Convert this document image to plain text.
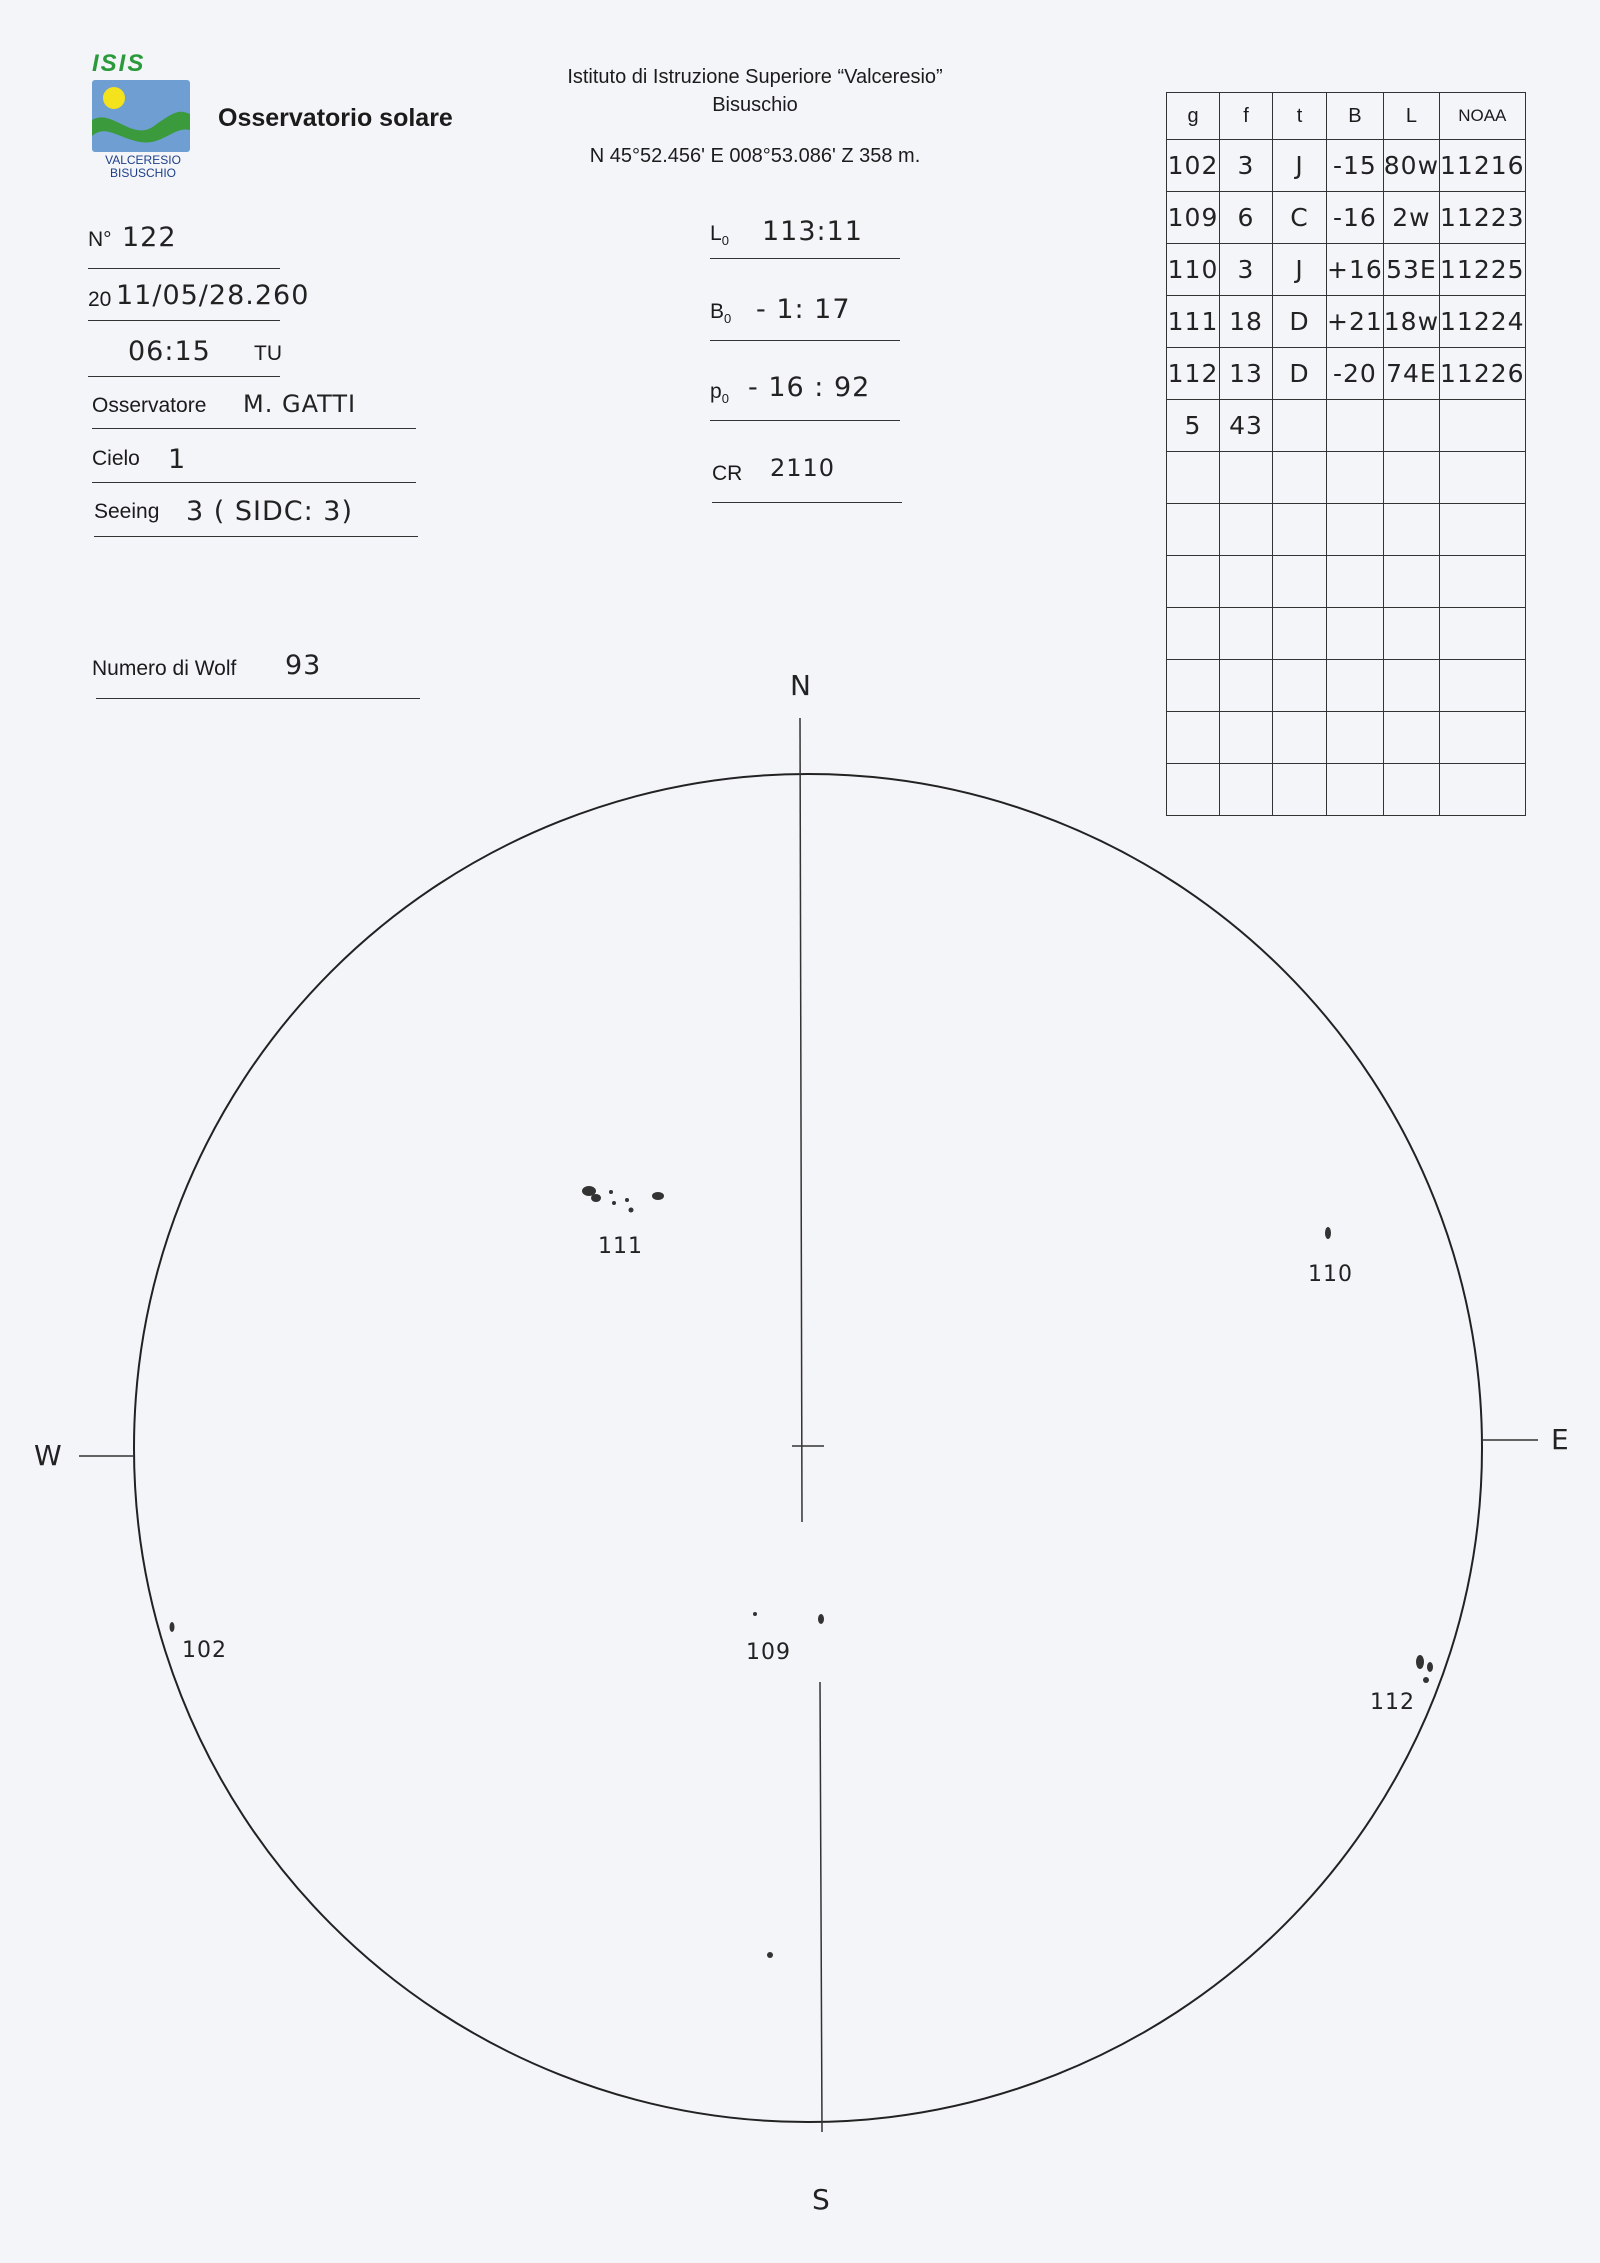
ISIS
VALCERESIO
BISUSCHIO
Osservatorio solare
Istituto di Istruzione Superiore “Valceresio”
Bisuschio
N 45°52.456' E 008°53.086' Z 358 m.
N° 122
20 11/05/28.260
06:15 TU
Osservatore M. GATTI
Cielo 1
Seeing 3 ( SIDC: 3)
Numero di Wolf 93
$L_0$ 113:11
$B_0 - 1$: 17
$p_0 - 16$ : 92
CR 2110
g	f	t	B	L	NOAA
102	3	J	-15	80w	11216
109	6	C	-16	2w	11223
110	3	J	+16	53E	11225
111	18	D	+21	18w	11224
112	13	D	-20	74E	11226
5	43				

N
S
W	E
111
110
102	109
112
